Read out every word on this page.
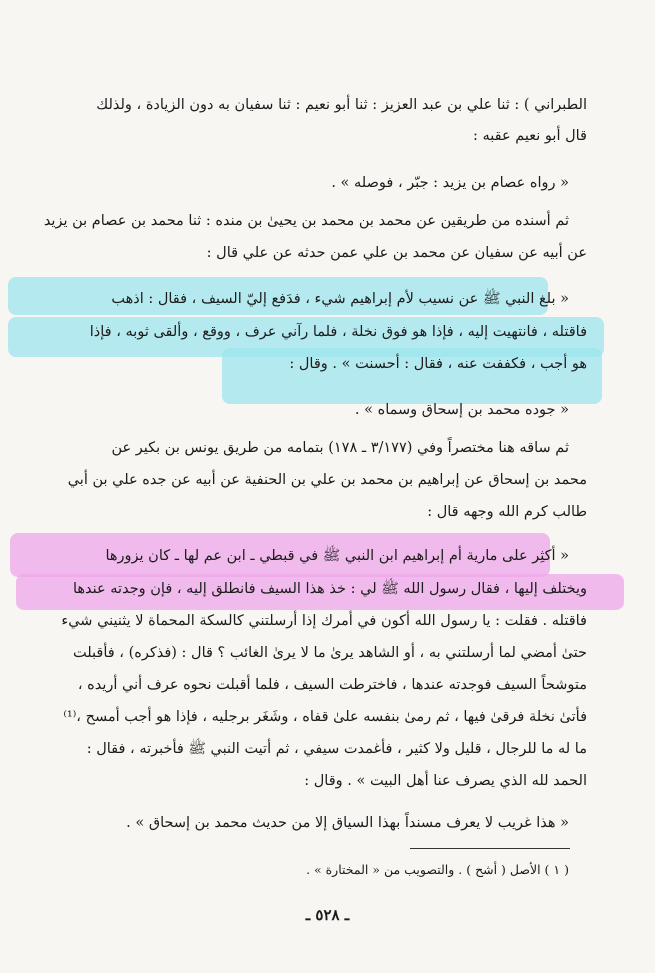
الطبراني ) : ثنا علي بن عبد العزيز : ثنا أبو نعيم : ثنا سفيان به دون الزيادة ، ولذلك
قال أبو نعيم عقبه :
« رواه عصام بن يزيد : جبّر ، فوصله » .
ثم أسنده من طريقين عن محمد بن محمد بن يحيىٰ بن منده : ثنا محمد بن عصام بن يزيد
عن أبيه عن سفيان عن محمد بن علي عمن حدثه عن علي قال :
« بلغ النبي ﷺ عن نسيب لأم إبراهيم شيء ، فدَفع إليّ السيف ، فقال : اذهب
فاقتله ، فانتهيت إليه ، فإذا هو فوق نخلة ، فلما رآني عرف ، ووقع ، وألقى ثوبه ، فإذا
هو أجب ، فكففت عنه ، فقال : أحسنت » . وقال :
« جوده محمد بن إسحاق وسماه » .
ثم ساقه هنا مختصراً وفي (٣/١٧٧ ـ ١٧٨) بتمامه من طريق يونس بن بكير عن
محمد بن إسحاق عن إبراهيم بن محمد بن علي بن الحنفية عن أبيه عن جده علي بن أبي
طالب كرم الله وجهه قال :
« أكثِر على مارية أم إبراهيم ابن النبي ﷺ في قبطي ـ ابن عم لها ـ كان يزورها
ويختلف إليها ، فقال رسول الله ﷺ لي : خذ هذا السيف فانطلق إليه ، فإن وجدته عندها
فاقتله . فقلت : يا رسول الله أكون في أمرك إذا أرسلتني كالسكة المحماة لا يثنيني شيء
حتىٰ أمضي لما أرسلتني به ، أو الشاهد يرىٰ ما لا يرىٰ الغائب ؟ قال : (فذكره) ، فأقبلت
متوشحاً السيف فوجدته عندها ، فاخترطت السيف ، فلما أقبلت نحوه عرف أني أريده ،
فأتىٰ نخلة فرقىٰ فيها ، ثم رمىٰ بنفسه علىٰ قفاه ، وشَغَر برجليه ، فإذا هو أجب أمسح ،⁽¹⁾
ما له ما للرجال ، قليل ولا كثير ، فأغمدت سيفي ، ثم أتيت النبي ﷺ فأخبرته ، فقال :
الحمد لله الذي يصرف عنا أهل البيت » . وقال :
« هذا غريب لا يعرف مسنداً بهذا السياق إلا من حديث محمد بن إسحاق » .
( ١ ) الأصل ( أشح ) . والتصويب من « المختارة » .
ـ ٥٢٨ ـ
